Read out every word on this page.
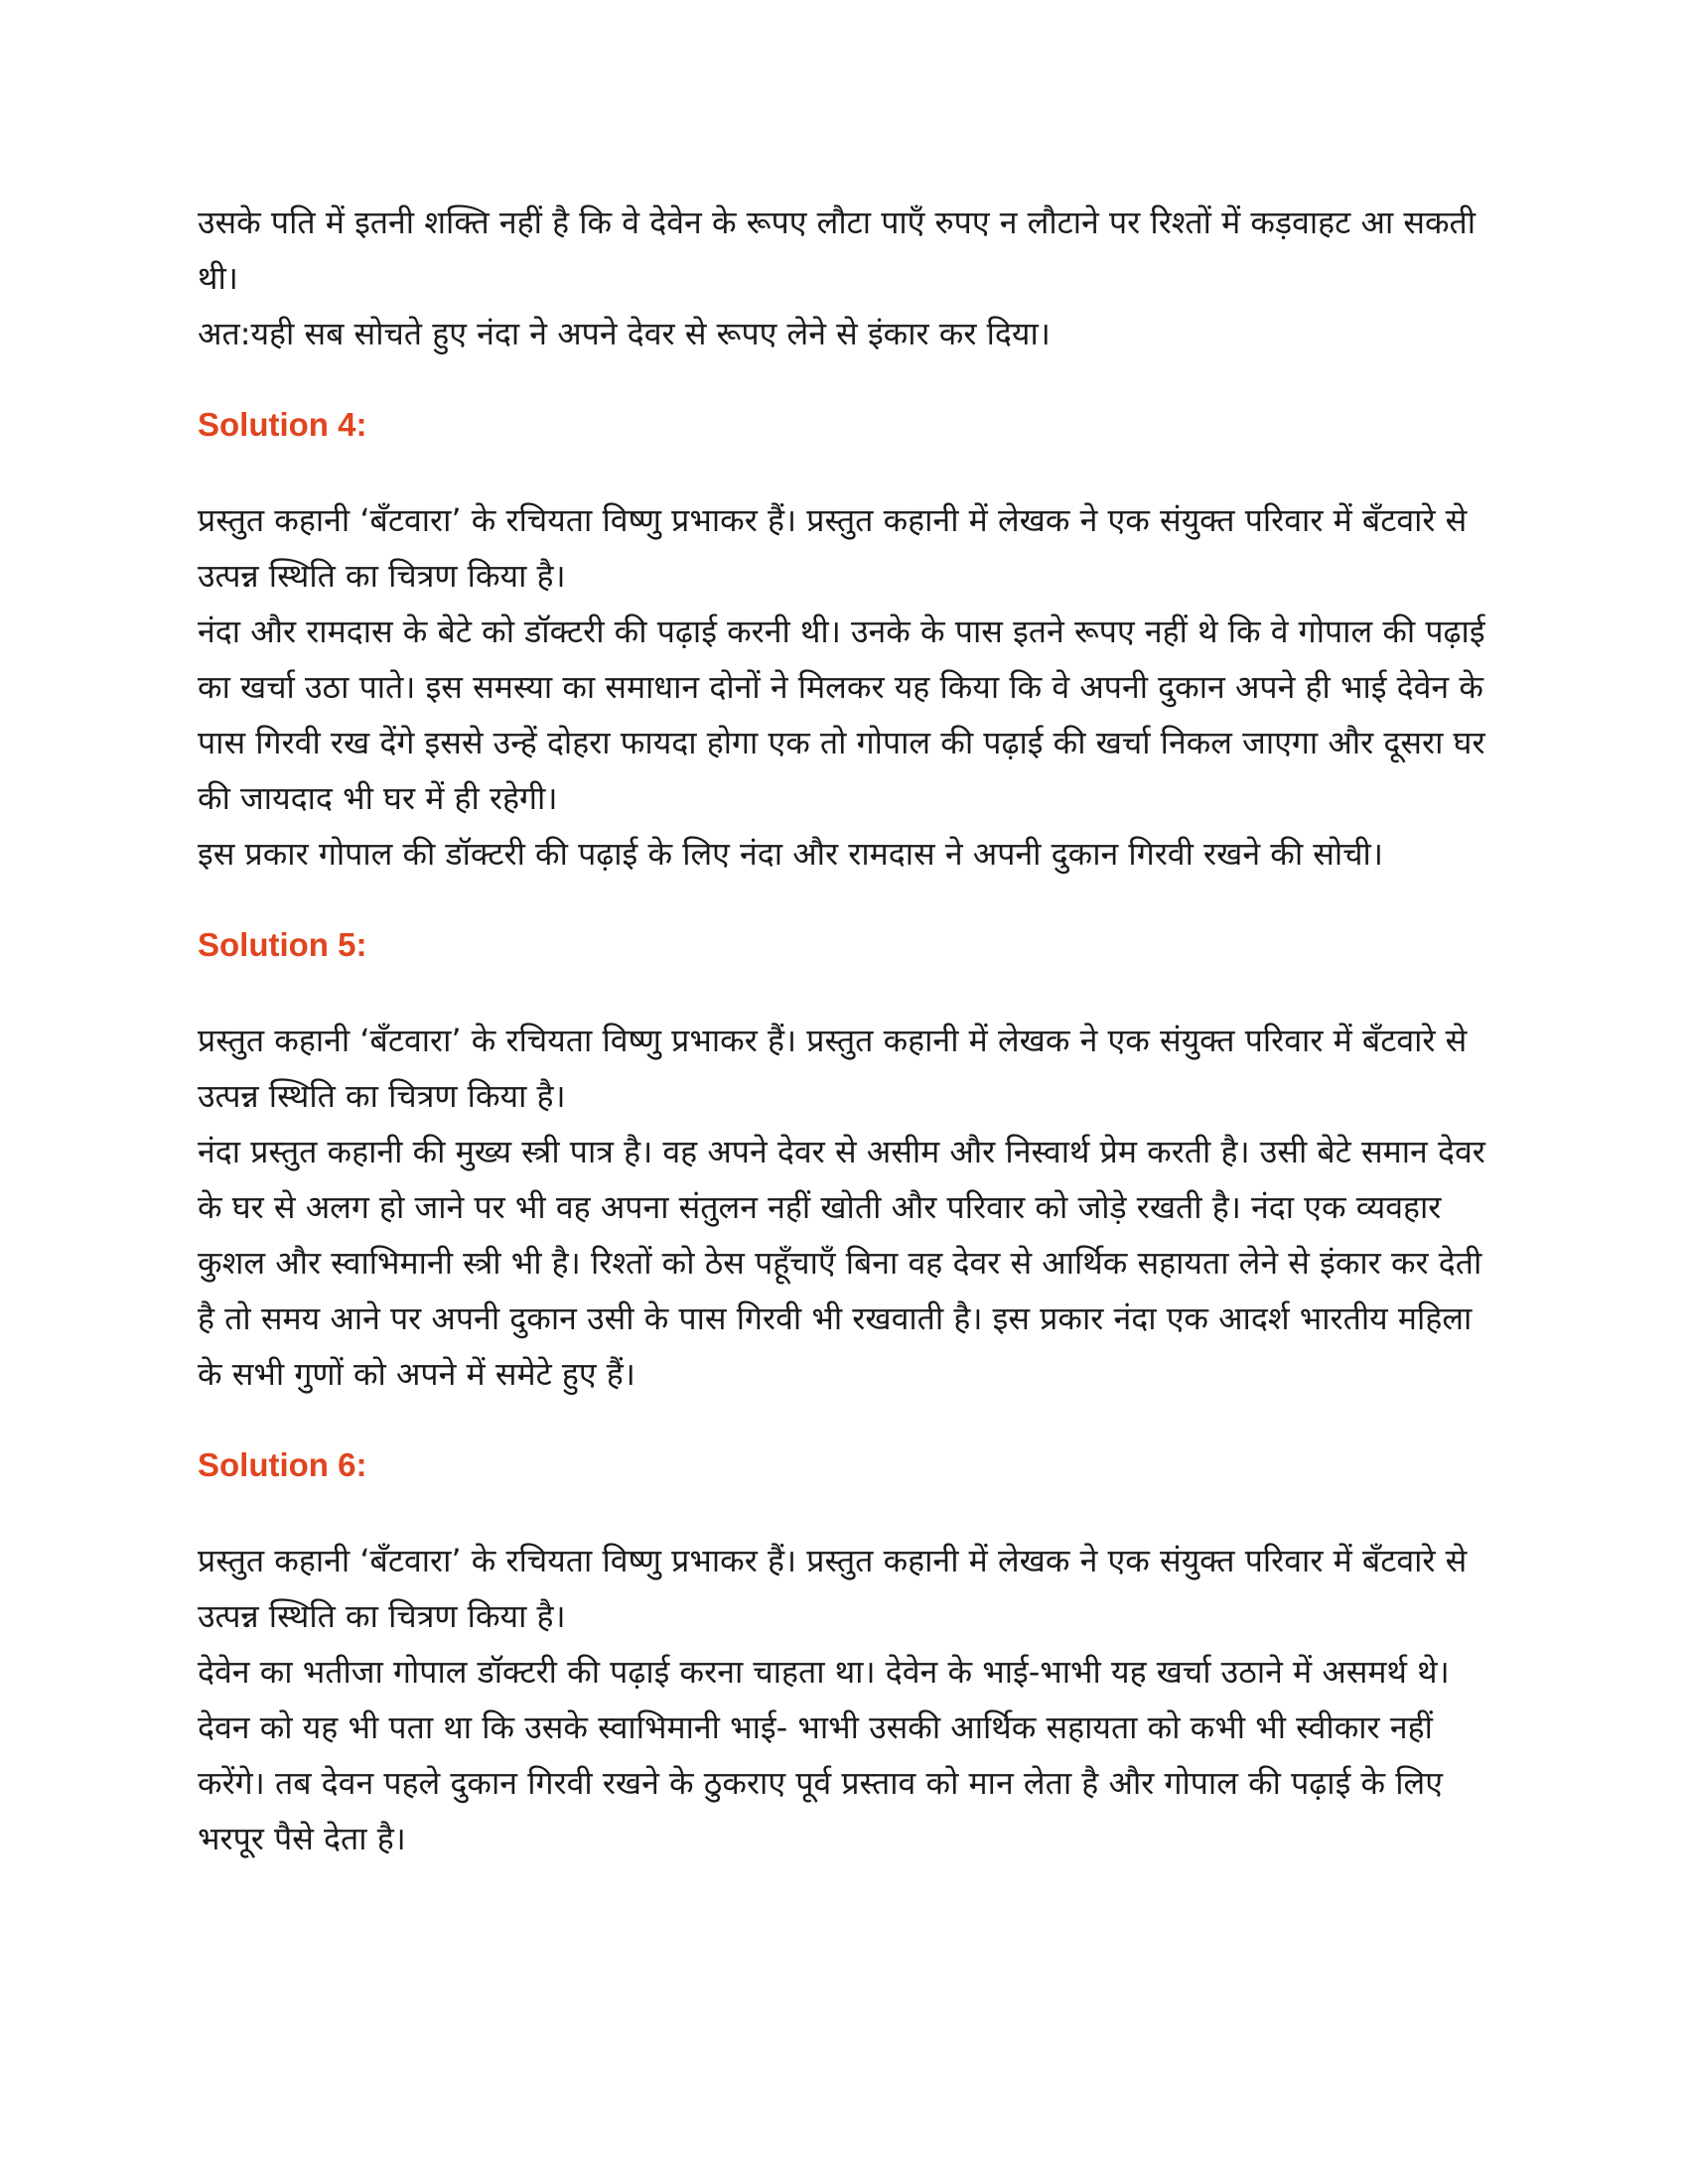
उसके पति में इतनी शक्ति नहीं है कि वे देवेन के रूपए लौटा पाएँ रुपए न लौटाने पर रिश्तों में कड़वाहट आ सकती थी।

अत:यही सब सोचते हुए नंदा ने अपने देवर से रूपए लेने से इंकार कर दिया।

Solution 4:

प्रस्तुत कहानी ‘बँटवारा’ के रचियता विष्णु प्रभाकर हैं। प्रस्तुत कहानी में लेखक ने एक संयुक्त परिवार में बँटवारे से उत्पन्न स्थिति का चित्रण किया है।

नंदा और रामदास के बेटे को डॉक्टरी की पढ़ाई करनी थी। उनके के पास इतने रूपए नहीं थे कि वे गोपाल की पढ़ाई का खर्चा उठा पाते। इस समस्या का समाधान दोनों ने मिलकर यह किया कि वे अपनी दुकान अपने ही भाई देवेन के पास गिरवी रख देंगे इससे उन्हें दोहरा फायदा होगा एक तो गोपाल की पढ़ाई की खर्चा निकल जाएगा और दूसरा घर की जायदाद भी घर में ही रहेगी।

इस प्रकार गोपाल की डॉक्टरी की पढ़ाई के लिए नंदा और रामदास ने अपनी दुकान गिरवी रखने की सोची।

Solution 5:

प्रस्तुत कहानी ‘बँटवारा’ के रचियता विष्णु प्रभाकर हैं। प्रस्तुत कहानी में लेखक ने एक संयुक्त परिवार में बँटवारे से उत्पन्न स्थिति का चित्रण किया है।

नंदा प्रस्तुत कहानी की मुख्य स्त्री पात्र है। वह अपने देवर से असीम और निस्वार्थ प्रेम करती है। उसी बेटे समान देवर के घर से अलग हो जाने पर भी वह अपना संतुलन नहीं खोती और परिवार को जोड़े रखती है। नंदा एक व्यवहार कुशल और स्वाभिमानी स्त्री भी है। रिश्तों को ठेस पहूँचाएँ बिना वह देवर से आर्थिक सहायता लेने से इंकार कर देती है तो समय आने पर अपनी दुकान उसी के पास गिरवी भी रखवाती है। इस प्रकार नंदा एक आदर्श भारतीय महिला के सभी गुणों को अपने में समेटे हुए हैं।

Solution 6:

प्रस्तुत कहानी ‘बँटवारा’ के रचियता विष्णु प्रभाकर हैं। प्रस्तुत कहानी में लेखक ने एक संयुक्त परिवार में बँटवारे से उत्पन्न स्थिति का चित्रण किया है।

देवेन का भतीजा गोपाल डॉक्टरी की पढ़ाई करना चाहता था। देवेन के भाई-भाभी यह खर्चा उठाने में असमर्थ थे। देवन को यह भी पता था कि उसके स्वाभिमानी भाई- भाभी उसकी आर्थिक सहायता को कभी भी स्वीकार नहीं करेंगे। तब देवन पहले दुकान गिरवी रखने के ठुकराए पूर्व प्रस्ताव को मान लेता है और गोपाल की पढ़ाई के लिए भरपूर पैसे देता है।
